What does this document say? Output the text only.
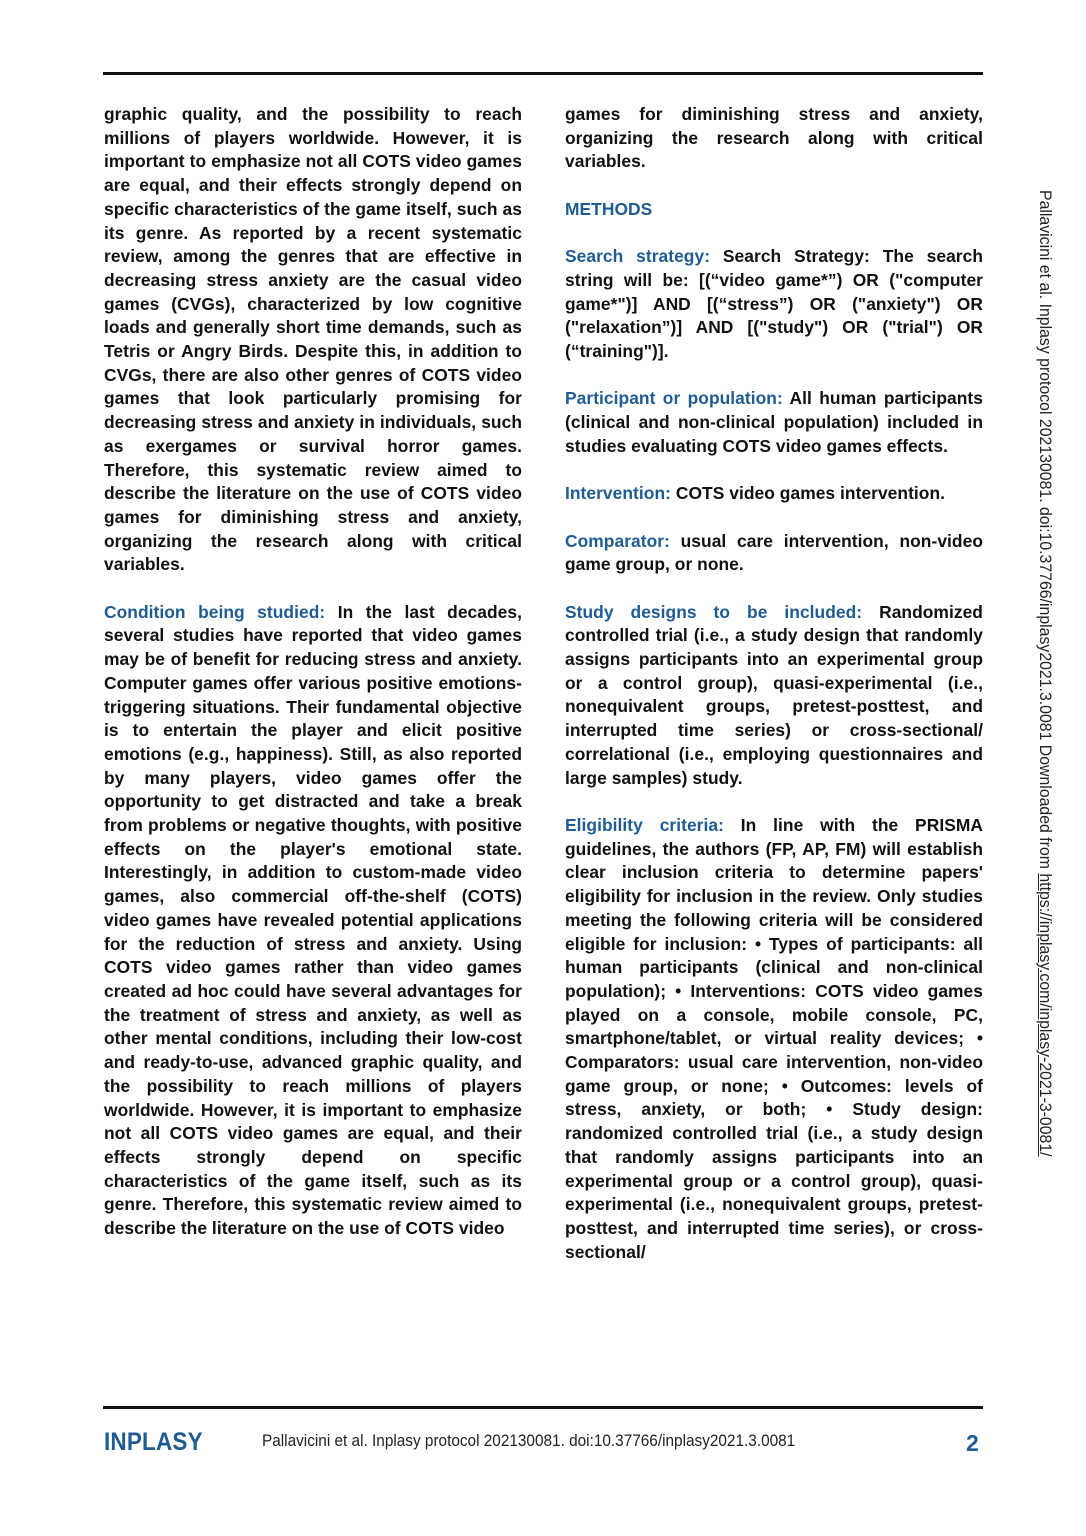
graphic quality, and the possibility to reach millions of players worldwide. However, it is important to emphasize not all COTS video games are equal, and their effects strongly depend on specific characteristics of the game itself, such as its genre. As reported by a recent systematic review, among the genres that are effective in decreasing stress anxiety are the casual video games (CVGs), characterized by low cognitive loads and generally short time demands, such as Tetris or Angry Birds. Despite this, in addition to CVGs, there are also other genres of COTS video games that look particularly promising for decreasing stress and anxiety in individuals, such as exergames or survival horror games. Therefore, this systematic review aimed to describe the literature on the use of COTS video games for diminishing stress and anxiety, organizing the research along with critical variables.

Condition being studied: In the last decades, several studies have reported that video games may be of benefit for reducing stress and anxiety. Computer games offer various positive emotions-triggering situations. Their fundamental objective is to entertain the player and elicit positive emotions (e.g., happiness). Still, as also reported by many players, video games offer the opportunity to get distracted and take a break from problems or negative thoughts, with positive effects on the player's emotional state. Interestingly, in addition to custom-made video games, also commercial off-the-shelf (COTS) video games have revealed potential applications for the reduction of stress and anxiety. Using COTS video games rather than video games created ad hoc could have several advantages for the treatment of stress and anxiety, as well as other mental conditions, including their low-cost and ready-to-use, advanced graphic quality, and the possibility to reach millions of players worldwide. However, it is important to emphasize not all COTS video games are equal, and their effects strongly depend on specific characteristics of the game itself, such as its genre. Therefore, this systematic review aimed to describe the literature on the use of COTS video

games for diminishing stress and anxiety, organizing the research along with critical variables.

METHODS

Search strategy: Search Strategy: The search string will be: [(“video game*”) OR ("computer game*")] AND [(“stress”) OR ("anxiety") OR ("relaxation”)] AND [("study") OR ("trial") OR (“training")].

Participant or population: All human participants (clinical and non-clinical population) included in studies evaluating COTS video games effects.

Intervention: COTS video games intervention.

Comparator: usual care intervention, non-video game group, or none.

Study designs to be included: Randomized controlled trial (i.e., a study design that randomly assigns participants into an experimental group or a control group), quasi-experimental (i.e., nonequivalent groups, pretest-posttest, and interrupted time series) or cross-sectional/ correlational (i.e., employing questionnaires and large samples) study.

Eligibility criteria: In line with the PRISMA guidelines, the authors (FP, AP, FM) will establish clear inclusion criteria to determine papers' eligibility for inclusion in the review. Only studies meeting the following criteria will be considered eligible for inclusion: • Types of participants: all human participants (clinical and non-clinical population); • Interventions: COTS video games played on a console, mobile console, PC, smartphone/tablet, or virtual reality devices; • Comparators: usual care intervention, non-video game group, or none; • Outcomes: levels of stress, anxiety, or both; • Study design: randomized controlled trial (i.e., a study design that randomly assigns participants into an experimental group or a control group), quasi-experimental (i.e., nonequivalent groups, pretest-posttest, and interrupted time series), or cross-sectional/

INPLASY	Pallavicini et al. Inplasy protocol 202130081. doi:10.37766/inplasy2021.3.0081	2
Pallavicini et al. Inplasy protocol 202130081. doi:10.37766/inplasy2021.3.0081 Downloaded from https://inplasy.com/inplasy-2021-3-0081/
